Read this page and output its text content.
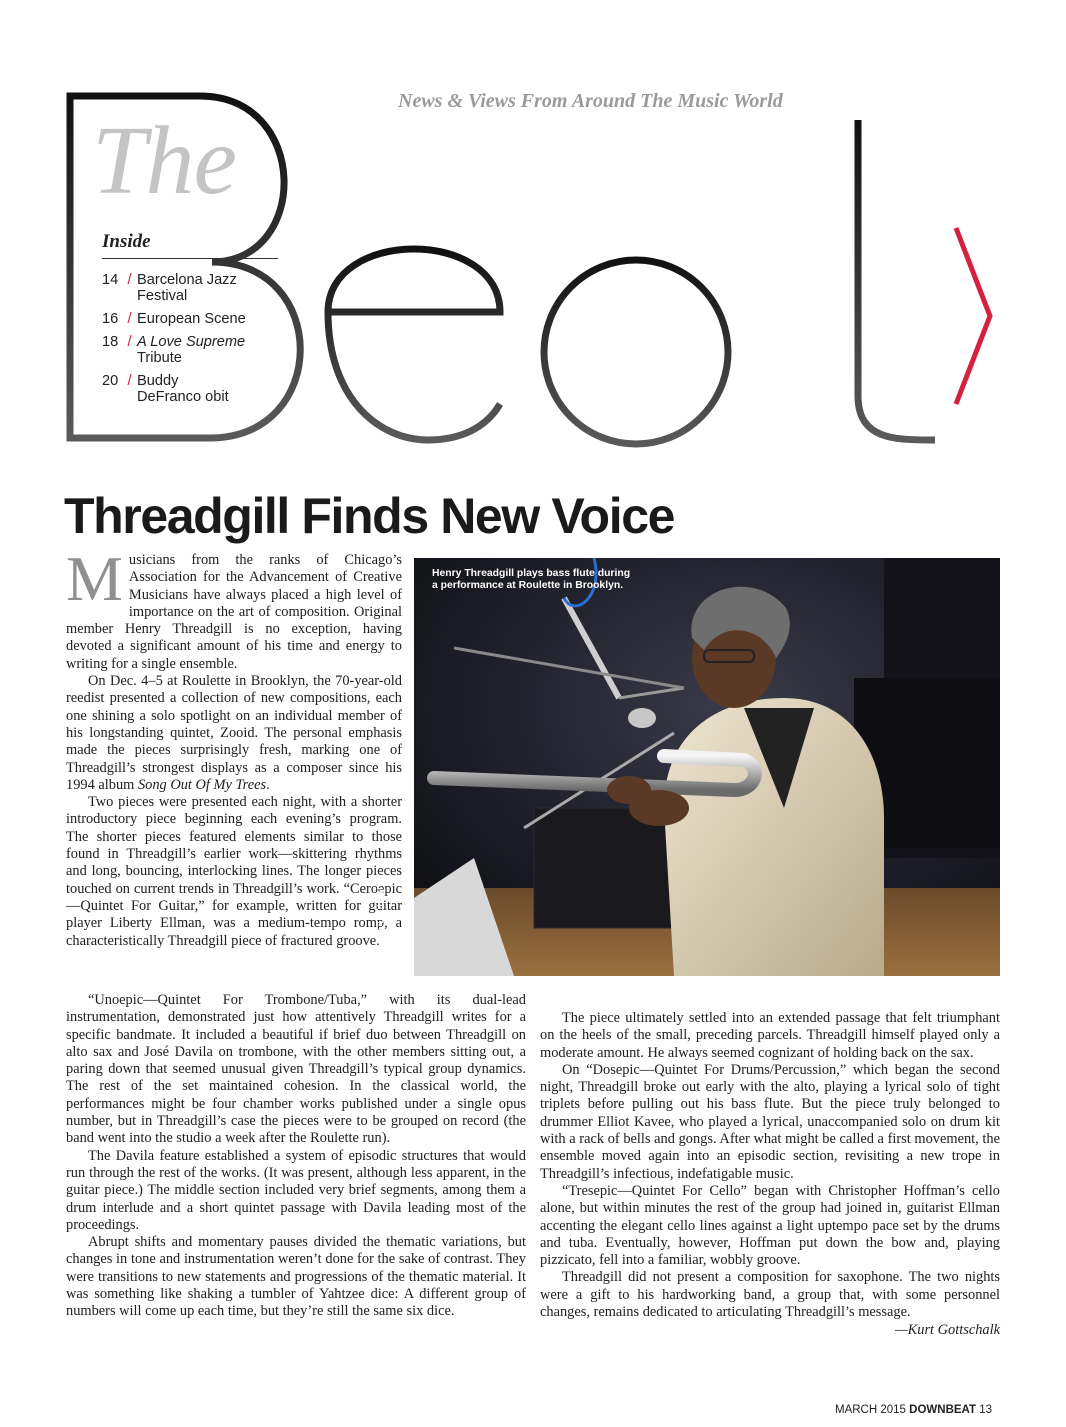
The
News & Views From Around The Music World
Inside
14 / Barcelona Jazz
Festival
16 / European Scene
18 / A Love Supreme
Tribute
20 / Buddy
DeFranco obit
Threadgill Finds New Voice

Musicians from the ranks of Chicago’s Association for the Advancement of Creative Musicians have always placed a high level of importance on the art of composition. Original member Henry Threadgill is no exception, having devoted a significant amount of his time and energy to writing for a single ensemble.

On Dec. 4–5 at Roulette in Brooklyn, the 70-year-old reedist presented a collection of new compositions, each one shining a solo spotlight on an individual member of his longstanding quintet, Zooid. The personal emphasis made the pieces surprisingly fresh, marking one of Threadgill’s strongest displays as a composer since his 1994 album Song Out Of My Trees.

Two pieces were presented each night, with a shorter introductory piece beginning each evening’s program. The shorter pieces featured elements similar to those found in Threadgill’s earlier work—skittering rhythms and long, bouncing, interlocking lines. The longer pieces touched on current trends in Threadgill’s work. “Ceroepic—Quintet For Guitar,” for example, written for guitar player Liberty Ellman, was a medium-tempo romp, a characteristically Threadgill piece of fractured groove.

Henry Threadgill plays bass flute during a performance at Roulette in Brooklyn.
ADAM McCULLOUGH

“Unoepic—Quintet For Trombone/Tuba,” with its dual-lead instrumentation, demonstrated just how attentively Threadgill writes for a specific bandmate. It included a beautiful if brief duo between Threadgill on alto sax and José Davila on trombone, with the other members sitting out, a paring down that seemed unusual given Threadgill’s typical group dynamics. The rest of the set maintained cohesion. In the classical world, the performances might be four chamber works published under a single opus number, but in Threadgill’s case the pieces were to be grouped on record (the band went into the studio a week after the Roulette run).

The Davila feature established a system of episodic structures that would run through the rest of the works. (It was present, although less apparent, in the guitar piece.) The middle section included very brief segments, among them a drum interlude and a short quintet passage with Davila leading most of the proceedings.

Abrupt shifts and momentary pauses divided the thematic variations, but changes in tone and instrumentation weren’t done for the sake of contrast. They were transitions to new statements and progressions of the thematic material. It was something like shaking a tumbler of Yahtzee dice: A different group of numbers will come up each time, but they’re still the same six dice.

The piece ultimately settled into an extended passage that felt triumphant on the heels of the small, preceding parcels. Threadgill himself played only a moderate amount. He always seemed cognizant of holding back on the sax.

On “Dosepic—Quintet For Drums/Percussion,” which began the second night, Threadgill broke out early with the alto, playing a lyrical solo of tight triplets before pulling out his bass flute. But the piece truly belonged to drummer Elliot Kavee, who played a lyrical, unaccompanied solo on drum kit with a rack of bells and gongs. After what might be called a first movement, the ensemble moved again into an episodic section, revisiting a new trope in Threadgill’s infectious, indefatigable music.

“Tresepic—Quintet For Cello” began with Christopher Hoffman’s cello alone, but within minutes the rest of the group had joined in, guitarist Ellman accenting the elegant cello lines against a light uptempo pace set by the drums and tuba. Eventually, however, Hoffman put down the bow and, playing pizzicato, fell into a familiar, wobbly groove.

Threadgill did not present a composition for saxophone. The two nights were a gift to his hardworking band, a group that, with some personnel changes, remains dedicated to articulating Threadgill’s message.

—Kurt Gottschalk
MARCH 2015 DOWNBEAT 13
